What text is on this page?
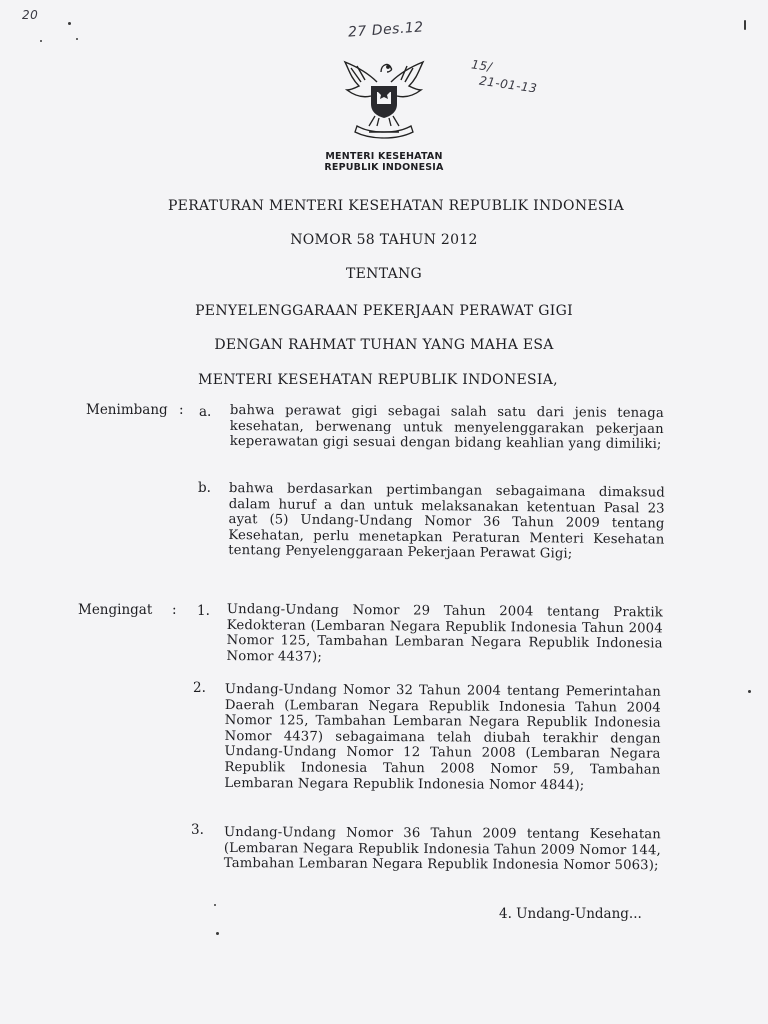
20
27 Des.12
15/
21-01-13
MENTERI KESEHATAN
REPUBLIK INDONESIA
PERATURAN MENTERI KESEHATAN REPUBLIK INDONESIA
NOMOR 58 TAHUN 2012
TENTANG
PENYELENGGARAAN PEKERJAAN PERAWAT GIGI
DENGAN RAHMAT TUHAN YANG MAHA ESA
MENTERI KESEHATAN REPUBLIK INDONESIA,
Menimbang : a. bahwa perawat gigi sebagai salah satu dari jenis tenaga kesehatan, berwenang untuk menyelenggarakan pekerjaan keperawatan gigi sesuai dengan bidang keahlian yang dimiliki;
b. bahwa berdasarkan pertimbangan sebagaimana dimaksud dalam huruf a dan untuk melaksanakan ketentuan Pasal 23 ayat (5) Undang-Undang Nomor 36 Tahun 2009 tentang Kesehatan, perlu menetapkan Peraturan Menteri Kesehatan tentang Penyelenggaraan Pekerjaan Perawat Gigi;
Mengingat : 1. Undang-Undang Nomor 29 Tahun 2004 tentang Praktik Kedokteran (Lembaran Negara Republik Indonesia Tahun 2004 Nomor 125, Tambahan Lembaran Negara Republik Indonesia Nomor 4437);
2. Undang-Undang Nomor 32 Tahun 2004 tentang Pemerintahan Daerah (Lembaran Negara Republik Indonesia Tahun 2004 Nomor 125, Tambahan Lembaran Negara Republik Indonesia Nomor 4437) sebagaimana telah diubah terakhir dengan Undang-Undang Nomor 12 Tahun 2008 (Lembaran Negara Republik Indonesia Tahun 2008 Nomor 59, Tambahan Lembaran Negara Republik Indonesia Nomor 4844);
3. Undang-Undang Nomor 36 Tahun 2009 tentang Kesehatan (Lembaran Negara Republik Indonesia Tahun 2009 Nomor 144, Tambahan Lembaran Negara Republik Indonesia Nomor 5063);
4. Undang-Undang...
